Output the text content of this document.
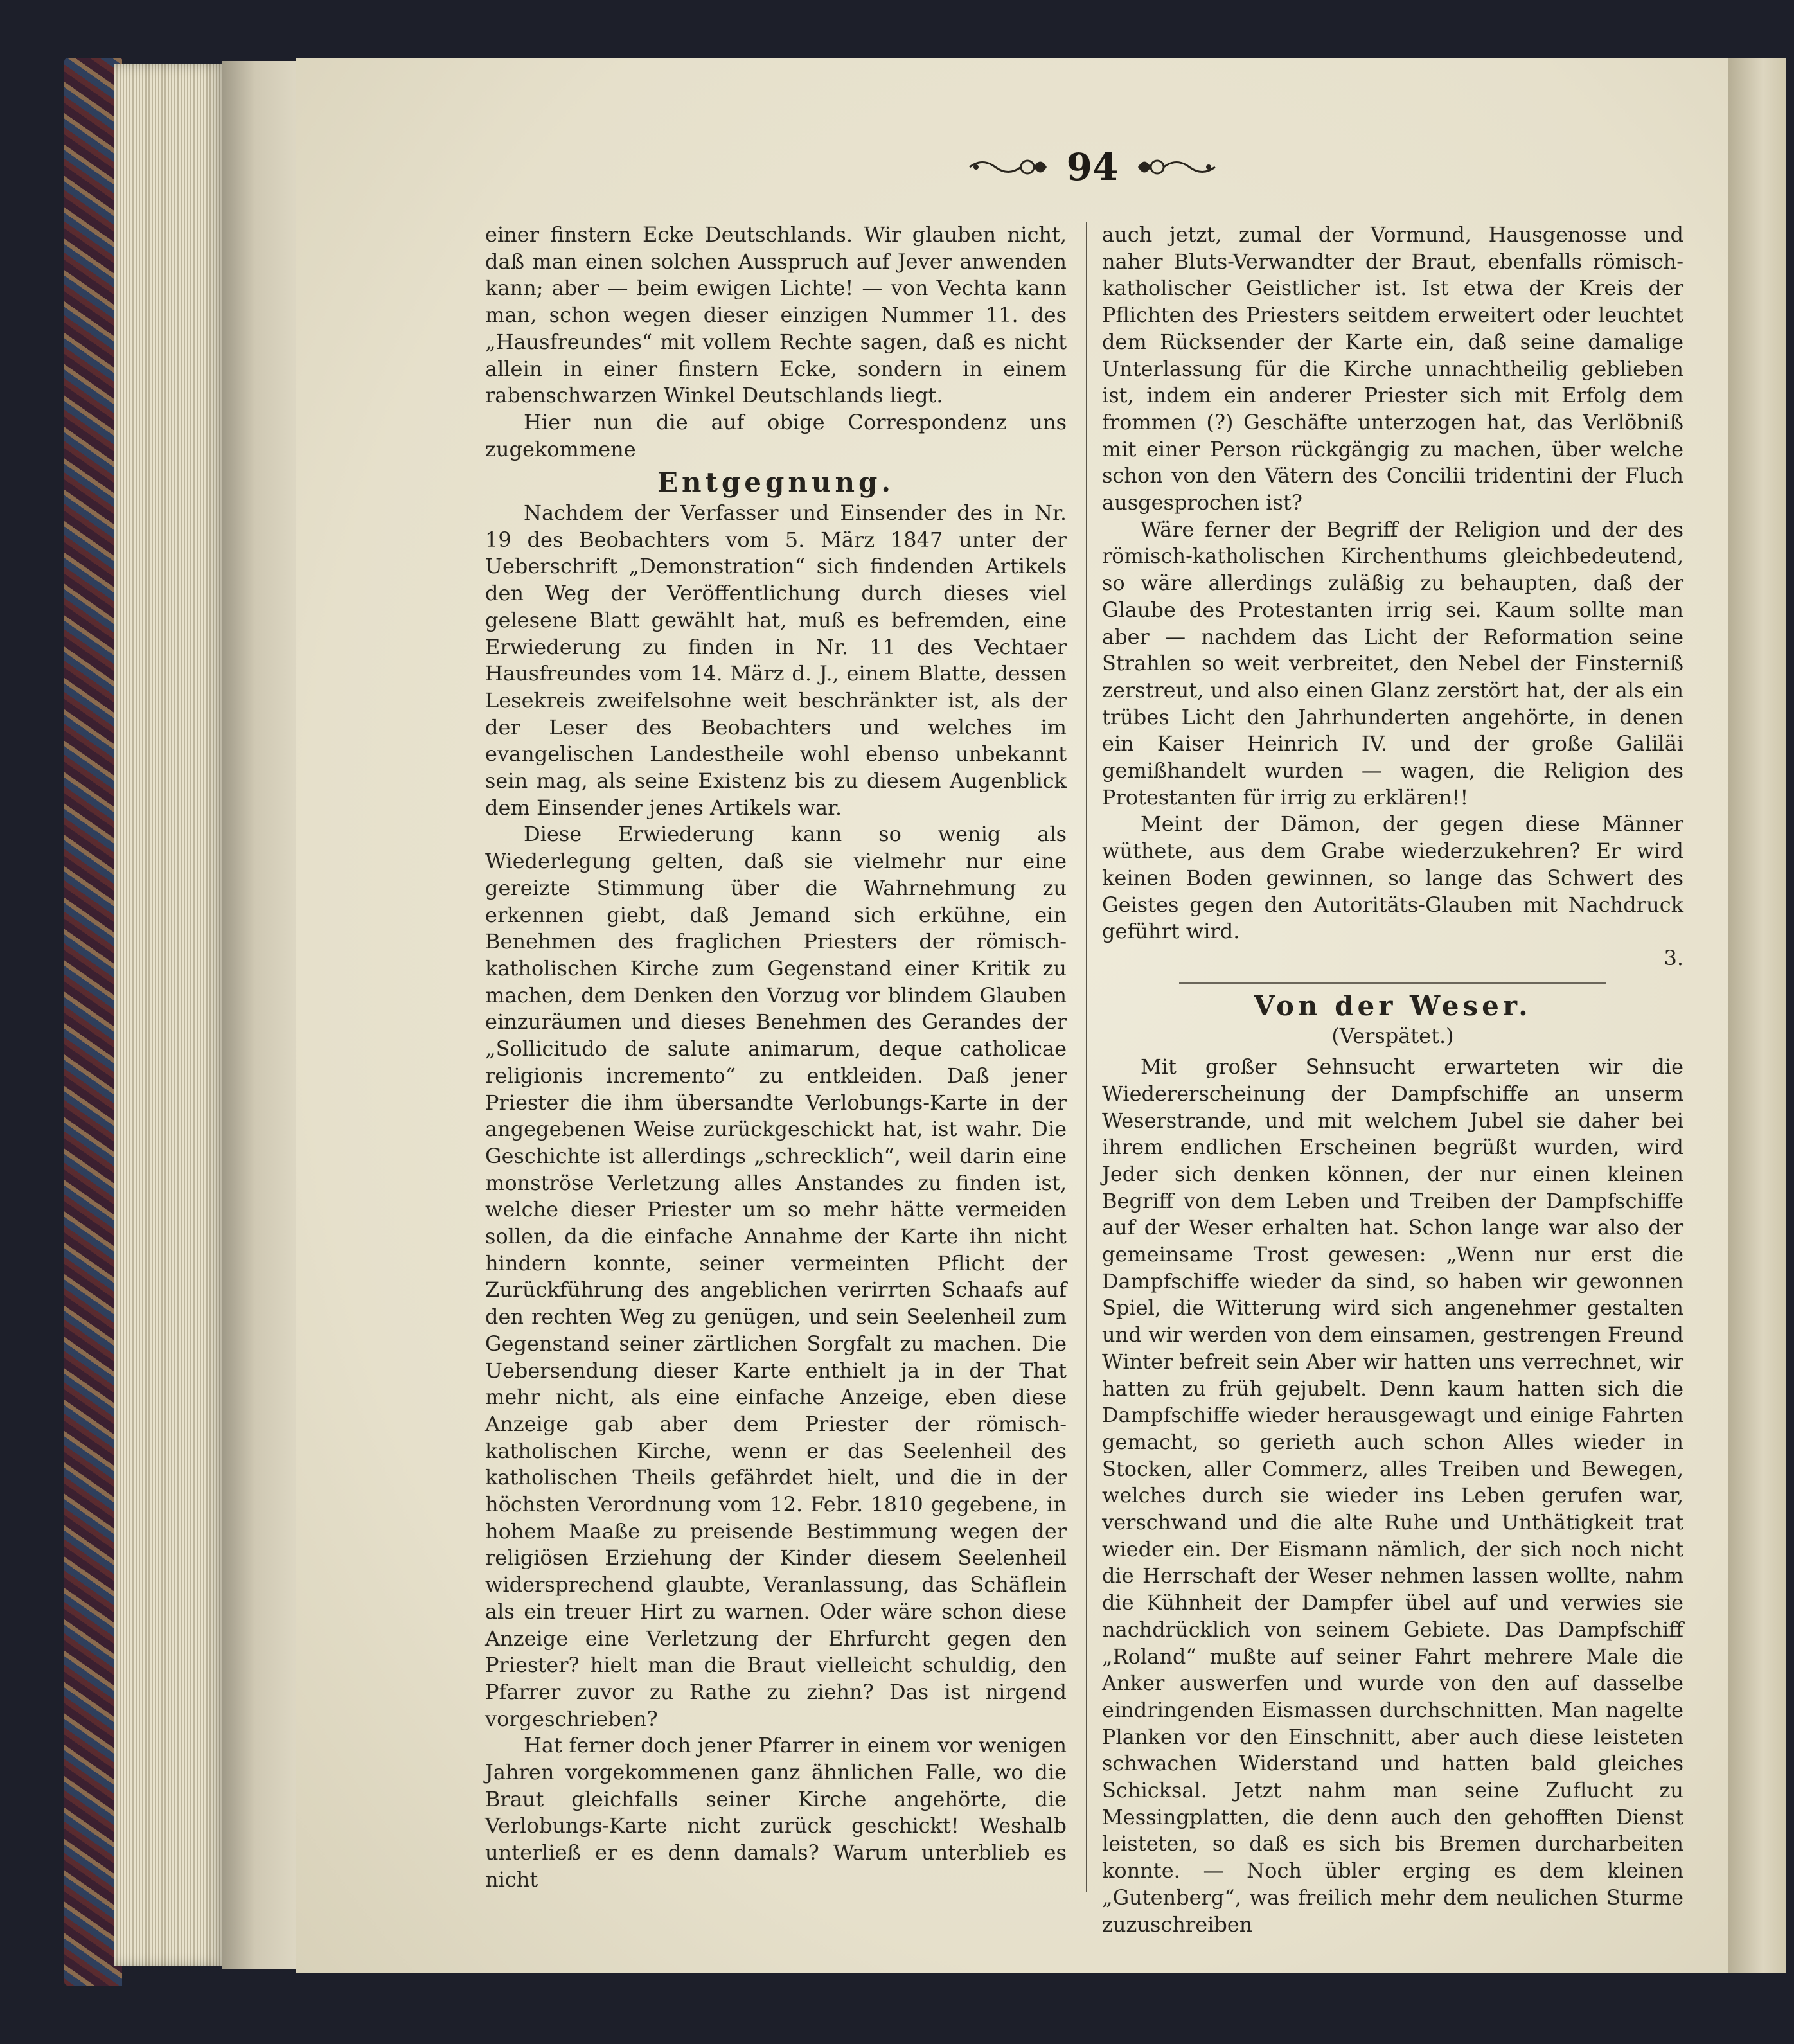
94

einer finstern Ecke Deutschlands. Wir glauben nicht, daß man einen solchen Ausspruch auf Jever anwenden kann; aber — beim ewigen Lichte! — von Vechta kann man, schon wegen dieser einzigen Nummer 11. des „Hausfreundes“ mit vollem Rechte sagen, daß es nicht allein in einer finstern Ecke, sondern in einem rabenschwarzen Winkel Deutschlands liegt.

Hier nun die auf obige Correspondenz uns zugekommene

Entgegnung.

Nachdem der Verfasser und Einsender des in Nr. 19 des Beobachters vom 5. März 1847 unter der Ueberschrift „Demonstration“ sich findenden Artikels den Weg der Veröffentlichung durch dieses viel gelesene Blatt gewählt hat, muß es befremden, eine Erwiederung zu finden in Nr. 11 des Vechtaer Hausfreundes vom 14. März d. J., einem Blatte, dessen Lesekreis zweifelsohne weit beschränkter ist, als der der Leser des Beobachters und welches im evangelischen Landestheile wohl ebenso unbekannt sein mag, als seine Existenz bis zu diesem Augenblick dem Einsender jenes Artikels war.

Diese Erwiederung kann so wenig als Wiederlegung gelten, daß sie vielmehr nur eine gereizte Stimmung über die Wahrnehmung zu erkennen giebt, daß Jemand sich erkühne, ein Benehmen des fraglichen Priesters der römisch-katholischen Kirche zum Gegenstand einer Kritik zu machen, dem Denken den Vorzug vor blindem Glauben einzuräumen und dieses Benehmen des Gerandes der „Sollicitudo de salute animarum, deque catholicae religionis incremento“ zu entkleiden. Daß jener Priester die ihm übersandte Verlobungs-Karte in der angegebenen Weise zurückgeschickt hat, ist wahr. Die Geschichte ist allerdings „schrecklich“, weil darin eine monströse Verletzung alles Anstandes zu finden ist, welche dieser Priester um so mehr hätte vermeiden sollen, da die einfache Annahme der Karte ihn nicht hindern konnte, seiner vermeinten Pflicht der Zurückführung des angeblichen verirrten Schaafs auf den rechten Weg zu genügen, und sein Seelenheil zum Gegenstand seiner zärtlichen Sorgfalt zu machen. Die Uebersendung dieser Karte enthielt ja in der That mehr nicht, als eine einfache Anzeige, eben diese Anzeige gab aber dem Priester der römisch-katholischen Kirche, wenn er das Seelenheil des katholischen Theils gefährdet hielt, und die in der höchsten Verordnung vom 12. Febr. 1810 gegebene, in hohem Maaße zu preisende Bestimmung wegen der religiösen Erziehung der Kinder diesem Seelenheil widersprechend glaubte, Veranlassung, das Schäflein als ein treuer Hirt zu warnen. Oder wäre schon diese Anzeige eine Verletzung der Ehrfurcht gegen den Priester? hielt man die Braut vielleicht schuldig, den Pfarrer zuvor zu Rathe zu ziehn? Das ist nirgend vorgeschrieben?

Hat ferner doch jener Pfarrer in einem vor wenigen Jahren vorgekommenen ganz ähnlichen Falle, wo die Braut gleichfalls seiner Kirche angehörte, die Verlobungs-Karte nicht zurück geschickt! Weshalb unterließ er es denn damals? Warum unterblieb es nicht

auch jetzt, zumal der Vormund, Hausgenosse und naher Bluts-Verwandter der Braut, ebenfalls römisch-katholischer Geistlicher ist. Ist etwa der Kreis der Pflichten des Priesters seitdem erweitert oder leuchtet dem Rücksender der Karte ein, daß seine damalige Unterlassung für die Kirche unnachtheilig geblieben ist, indem ein anderer Priester sich mit Erfolg dem frommen (?) Geschäfte unterzogen hat, das Verlöbniß mit einer Person rückgängig zu machen, über welche schon von den Vätern des Concilii tridentini der Fluch ausgesprochen ist?

Wäre ferner der Begriff der Religion und der des römisch-katholischen Kirchenthums gleichbedeutend, so wäre allerdings zuläßig zu behaupten, daß der Glaube des Protestanten irrig sei. Kaum sollte man aber — nachdem das Licht der Reformation seine Strahlen so weit verbreitet, den Nebel der Finsterniß zerstreut, und also einen Glanz zerstört hat, der als ein trübes Licht den Jahrhunderten angehörte, in denen ein Kaiser Heinrich IV. und der große Galiläi gemißhandelt wurden — wagen, die Religion des Protestanten für irrig zu erklären!!

Meint der Dämon, der gegen diese Männer wüthete, aus dem Grabe wiederzukehren? Er wird keinen Boden gewinnen, so lange das Schwert des Geistes gegen den Autoritäts-Glauben mit Nachdruck geführt wird.

3.

Von der Weser.
(Verspätet.)

Mit großer Sehnsucht erwarteten wir die Wiedererscheinung der Dampfschiffe an unserm Weserstrande, und mit welchem Jubel sie daher bei ihrem endlichen Erscheinen begrüßt wurden, wird Jeder sich denken können, der nur einen kleinen Begriff von dem Leben und Treiben der Dampfschiffe auf der Weser erhalten hat. Schon lange war also der gemeinsame Trost gewesen: „Wenn nur erst die Dampfschiffe wieder da sind, so haben wir gewonnen Spiel, die Witterung wird sich angenehmer gestalten und wir werden von dem einsamen, gestrengen Freund Winter befreit sein Aber wir hatten uns verrechnet, wir hatten zu früh gejubelt. Denn kaum hatten sich die Dampfschiffe wieder herausgewagt und einige Fahrten gemacht, so gerieth auch schon Alles wieder in Stocken, aller Commerz, alles Treiben und Bewegen, welches durch sie wieder ins Leben gerufen war, verschwand und die alte Ruhe und Unthätigkeit trat wieder ein. Der Eismann nämlich, der sich noch nicht die Herrschaft der Weser nehmen lassen wollte, nahm die Kühnheit der Dampfer übel auf und verwies sie nachdrücklich von seinem Gebiete. Das Dampfschiff „Roland“ mußte auf seiner Fahrt mehrere Male die Anker auswerfen und wurde von den auf dasselbe eindringenden Eismassen durchschnitten. Man nagelte Planken vor den Einschnitt, aber auch diese leisteten schwachen Widerstand und hatten bald gleiches Schicksal. Jetzt nahm man seine Zuflucht zu Messingplatten, die denn auch den gehofften Dienst leisteten, so daß es sich bis Bremen durcharbeiten konnte. — Noch übler erging es dem kleinen „Gutenberg“, was freilich mehr dem neulichen Sturme zuzuschreiben
